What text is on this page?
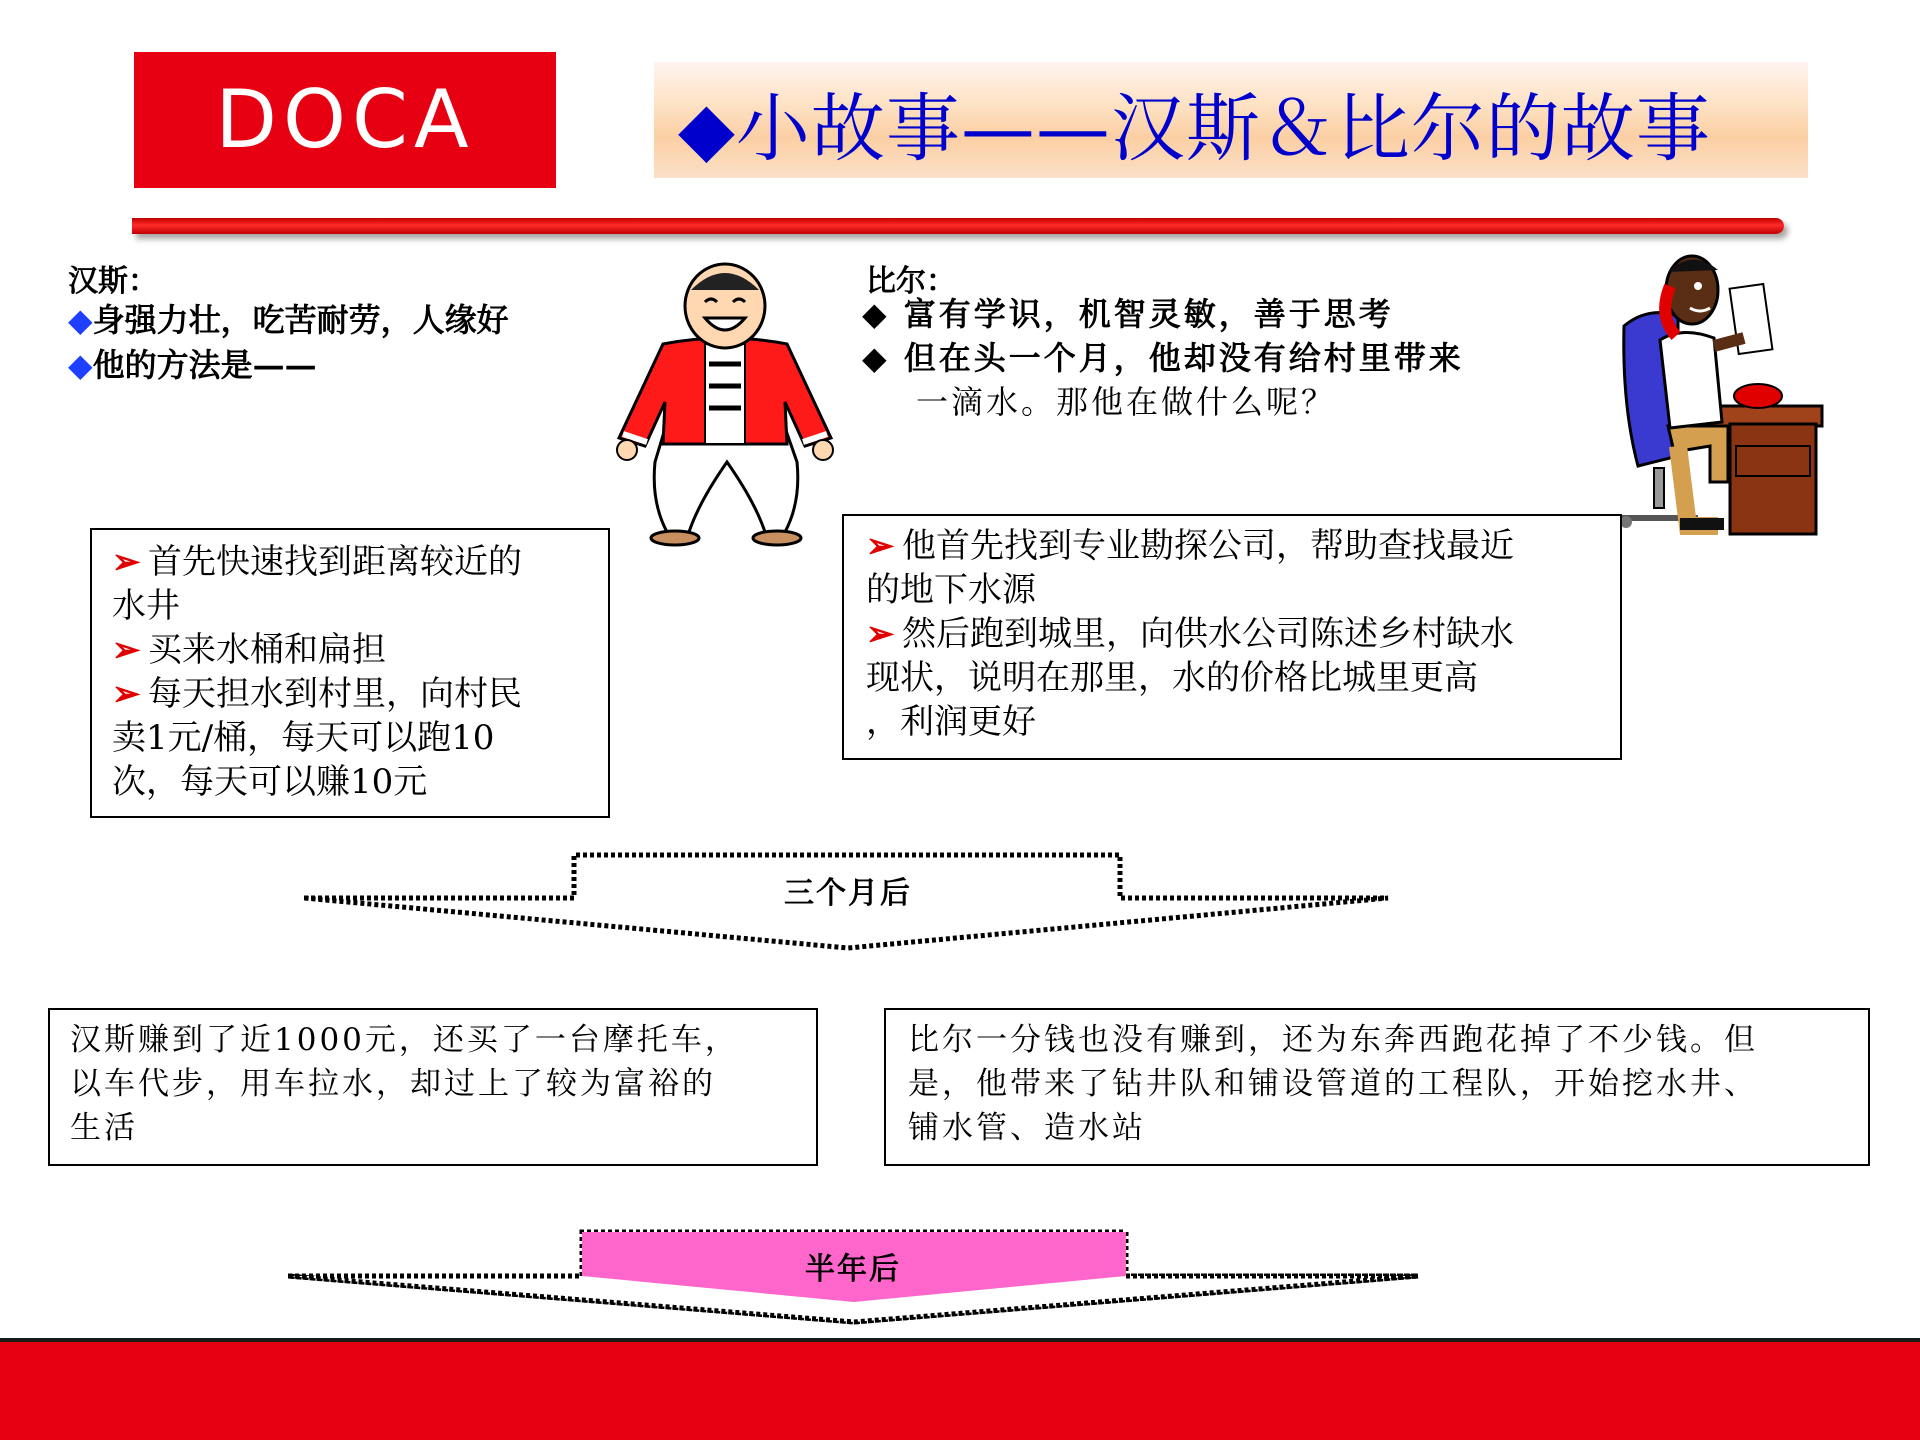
DOCA	◆小故事——汉斯＆比尔的故事
汉斯：
◆身强力壮，吃苦耐劳，人缘好
◆他的方法是——
➢ 首先快速找到距离较近的
水井
➢ 买来水桶和扁担
➢ 每天担水到村里，向村民
卖1元/桶，每天可以跑10
次，每天可以赚10元
比尔：
◆ 富有学识，机智灵敏，善于思考
◆ 但在头一个月，他却没有给村里带来
一滴水。那他在做什么呢？
➢ 他首先找到专业勘探公司，帮助查找最近
的地下水源
➢ 然后跑到城里，向供水公司陈述乡村缺水
现状，说明在那里，水的价格比城里更高
，利润更好
三个月后
汉斯赚到了近1000元，还买了一台摩托车，
以车代步，用车拉水，却过上了较为富裕的
生活
比尔一分钱也没有赚到，还为东奔西跑花掉了不少钱。但
是，他带来了钻井队和铺设管道的工程队，开始挖水井、
铺水管、造水站
半年后
